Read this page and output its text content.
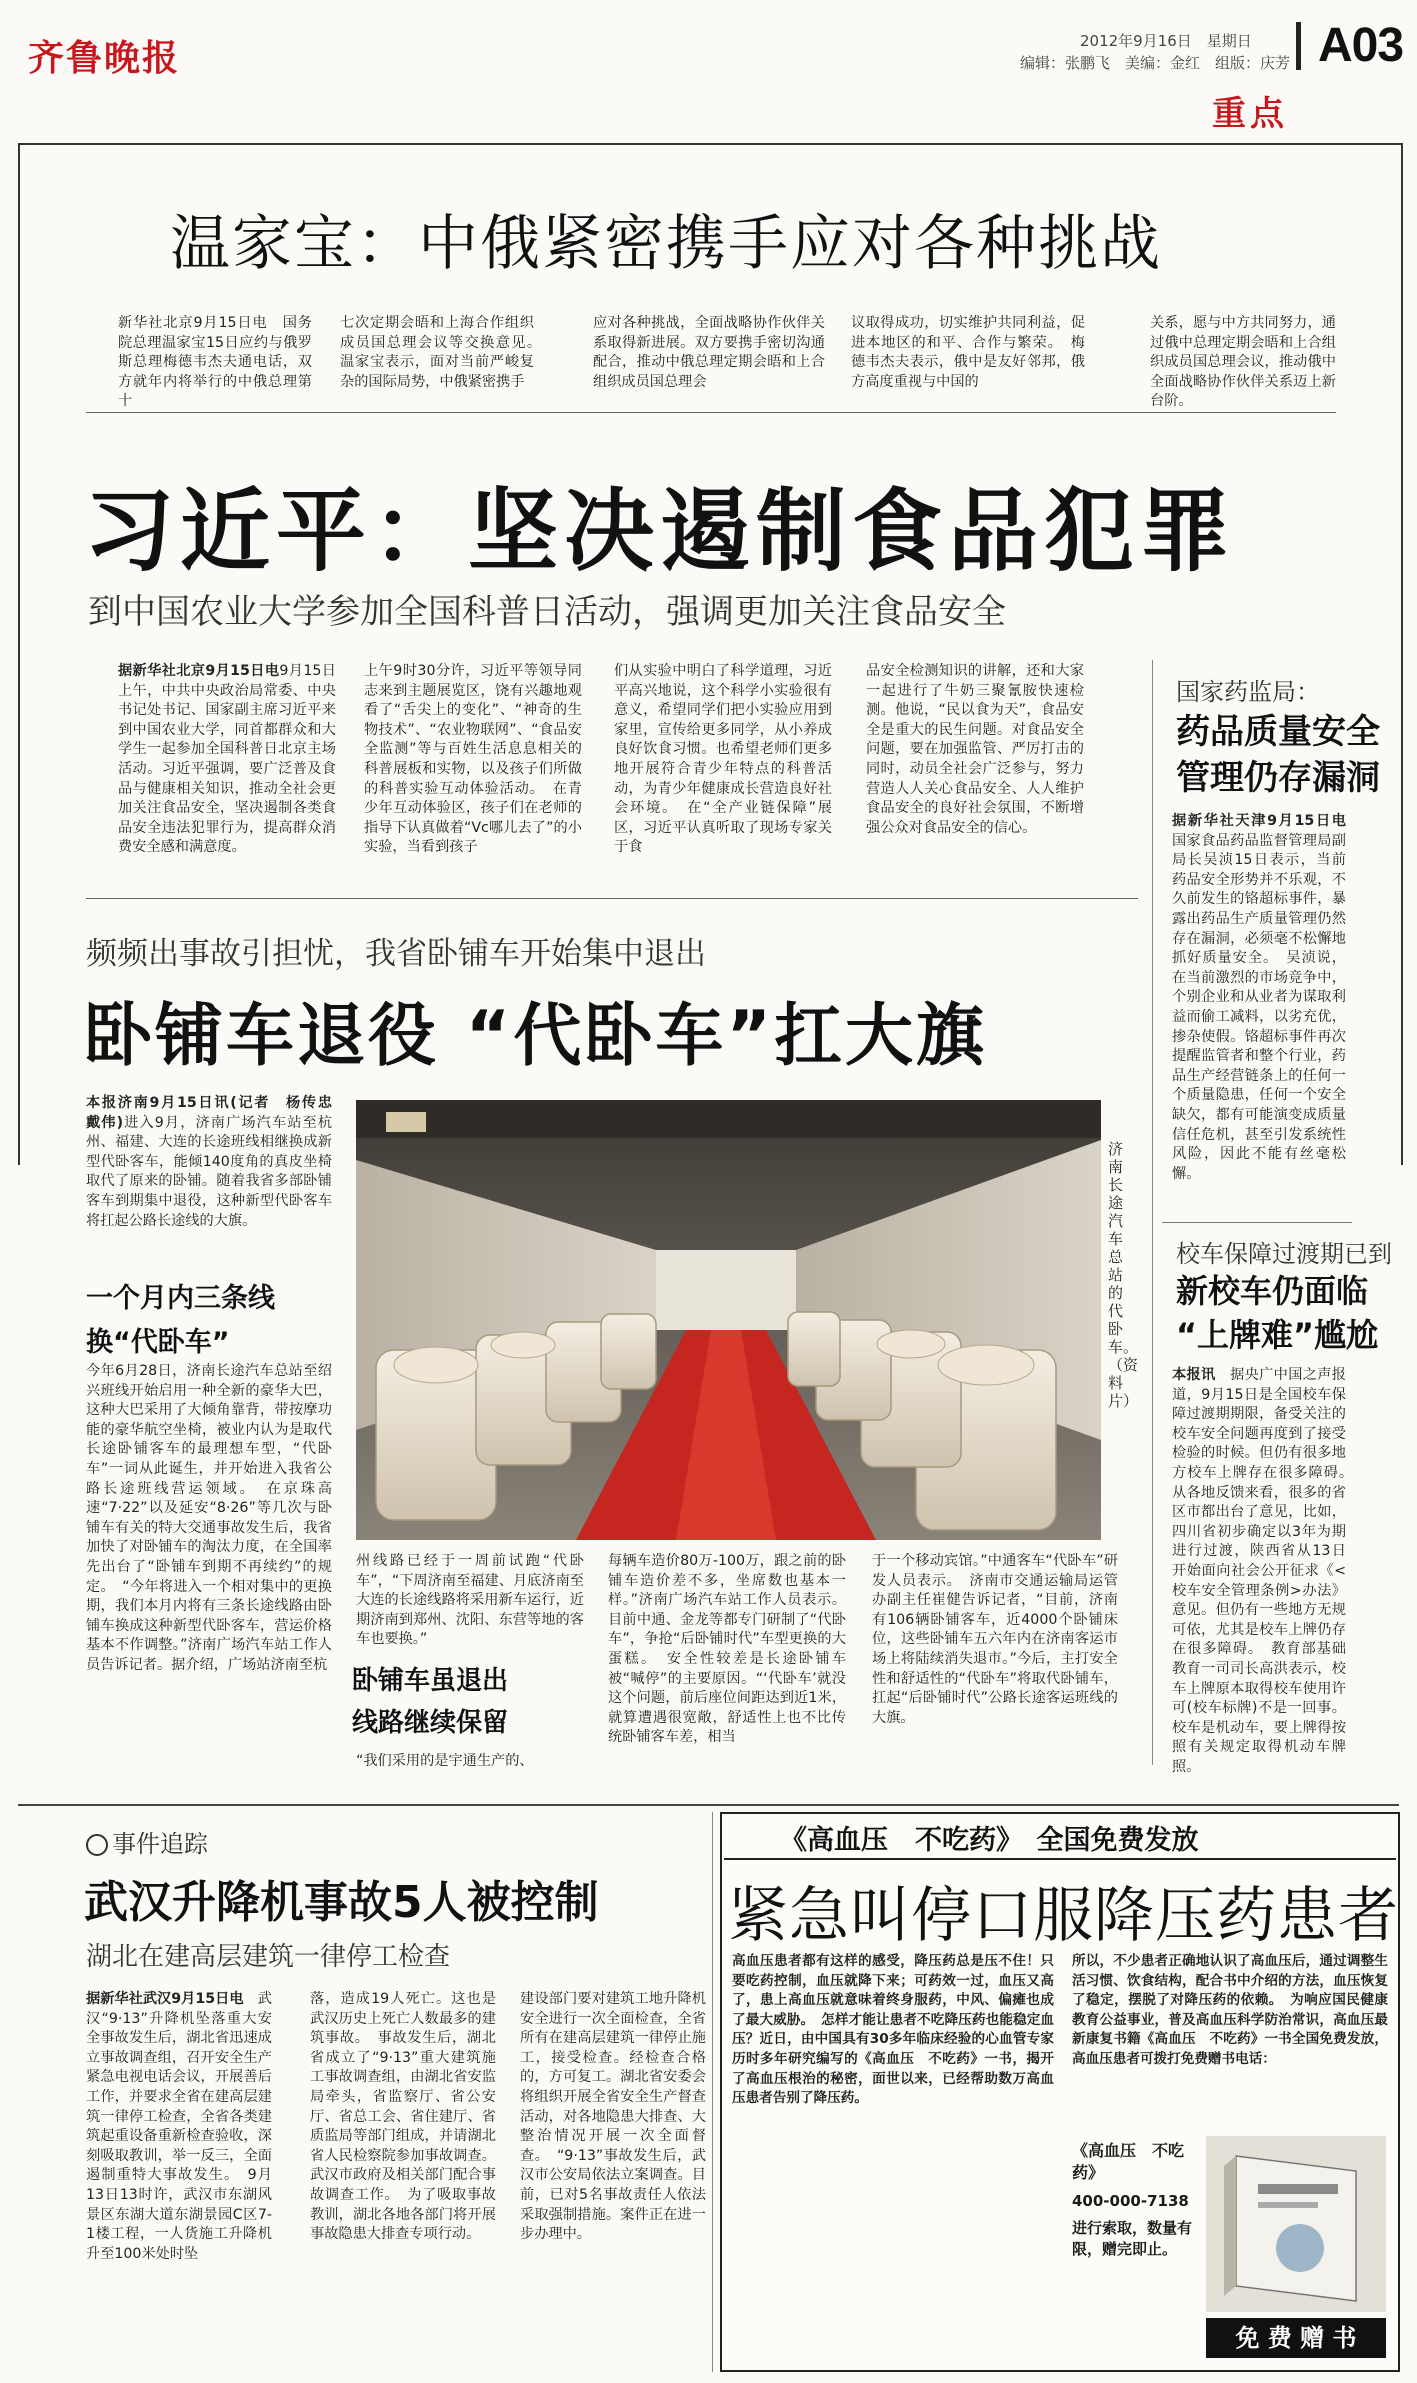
齐鲁晚报	2012年9月16日　星期日
编辑：张鹏飞　美编：金红　组版：庆芳 A03
重点
温家宝：中俄紧密携手应对各种挑战
新华社北京9月15日电　国务院总理温家宝15日应约与俄罗斯总理梅德韦杰夫通电话，双方就年内将举行的中俄总理第十
七次定期会晤和上海合作组织成员国总理会议等交换意见。　温家宝表示，面对当前严峻复杂的国际局势，中俄紧密携手
应对各种挑战，全面战略协作伙伴关系取得新进展。双方要携手密切沟通配合，推动中俄总理定期会晤和上合组织成员国总理会
议取得成功，切实维护共同利益，促进本地区的和平、合作与繁荣。　梅德韦杰夫表示，俄中是友好邻邦，俄方高度重视与中国的
关系，愿与中方共同努力，通过俄中总理定期会晤和上合组织成员国总理会议，推动俄中全面战略协作伙伴关系迈上新台阶。
习近平：坚决遏制食品犯罪
到中国农业大学参加全国科普日活动，强调更加关注食品安全
据新华社北京9月15日电9月15日上午，中共中央政治局常委、中央书记处书记、国家副主席习近平来到中国农业大学，同首都群众和大学生一起参加全国科普日北京主场活动。习近平强调，要广泛普及食品与健康相关知识，推动全社会更加关注食品安全，坚决遏制各类食品安全违法犯罪行为，提高群众消费安全感和满意度。
上午9时30分许，习近平等领导同志来到主题展览区，饶有兴趣地观看了“舌尖上的变化”、“神奇的生物技术”、“农业物联网”、“食品安全监测”等与百姓生活息息相关的科普展板和实物，以及孩子们所做的科普实验互动体验活动。　在青少年互动体验区，孩子们在老师的指导下认真做着“Vc哪儿去了”的小实验，当看到孩子
们从实验中明白了科学道理，习近平高兴地说，这个科学小实验很有意义，希望同学们把小实验应用到家里，宣传给更多同学，从小养成良好饮食习惯。也希望老师们更多地开展符合青少年特点的科普活动，为青少年健康成长营造良好社会环境。　在“全产业链保障”展区，习近平认真听取了现场专家关于食
品安全检测知识的讲解，还和大家一起进行了牛奶三聚氰胺快速检测。他说，“民以食为天”，食品安全是重大的民生问题。对食品安全问题，要在加强监管、严厉打击的同时，动员全社会广泛参与，努力营造人人关心食品安全、人人维护食品安全的良好社会氛围，不断增强公众对食品安全的信心。
国家药监局：
药品质量安全
管理仍存漏洞
据新华社天津9月15日电　国家食品药品监督管理局副局长吴浈15日表示，当前药品安全形势并不乐观，不久前发生的铬超标事件，暴露出药品生产质量管理仍然存在漏洞，必须毫不松懈地抓好质量安全。　吴浈说，在当前激烈的市场竞争中，个别企业和从业者为谋取利益而偷工减料，以劣充优，掺杂使假。铬超标事件再次提醒监管者和整个行业，药品生产经营链条上的任何一个质量隐患，任何一个安全缺欠，都有可能演变成质量信任危机，甚至引发系统性风险，因此不能有丝毫松懈。
校车保障过渡期已到
新校车仍面临
“上牌难”尴尬
本报讯　 据央广中国之声报道，9月15日是全国校车保障过渡期期限，备受关注的校车安全问题再度到了接受检验的时候。但仍有很多地方校车上牌存在很多障碍。　从各地反馈来看，很多的省区市都出台了意见，比如，四川省初步确定以3年为期进行过渡，陕西省从13日开始面向社会公开征求《<校车安全管理条例>办法》意见。但仍有一些地方无规可依，尤其是校车上牌仍存在很多障碍。　教育部基础教育一司司长高洪表示，校车上牌原本取得校车使用许可(校车标牌)不是一回事。校车是机动车，要上牌得按照有关规定取得机动车牌照。
频频出事故引担忧，我省卧铺车开始集中退出
卧铺车退役 “代卧车”扛大旗
本报济南9月15日讯(记者　杨传忠　戴伟)进入9月，济南广场汽车站至杭州、福建、大连的长途班线相继换成新型代卧客车，能倾140度角的真皮坐椅取代了原来的卧铺。随着我省多部卧铺客车到期集中退役，这种新型代卧客车将扛起公路长途线的大旗。
一个月内三条线
换“代卧车”
今年6月28日，济南长途汽车总站至绍兴班线开始启用一种全新的豪华大巴，这种大巴采用了大倾角靠背，带按摩功能的豪华航空坐椅，被业内认为是取代长途卧铺客车的最理想车型，“代卧车”一词从此诞生，并开始进入我省公路长途班线营运领域。　在京珠高速“7·22”以及延安“8·26”等几次与卧铺车有关的特大交通事故发生后，我省加快了对卧铺车的淘汰力度，在全国率先出台了“卧铺车到期不再续约”的规定。　“今年将进入一个相对集中的更换期，我们本月内将有三条长途线路由卧铺车换成这种新型代卧客车，营运价格基本不作调整。”济南广场汽车站工作人员告诉记者。据介绍，广场站济南至杭
济南长途汽车总站的代卧车。（资料片）
州线路已经于一周前试跑“代卧车”，“下周济南至福建、月底济南至大连的长途线路将采用新车运行，近期济南到郑州、沈阳、东营等地的客车也要换。”
卧铺车虽退出
线路继续保留
“我们采用的是宇通生产的、
每辆车造价80万-100万，跟之前的卧铺车造价差不多，坐席数也基本一样。”济南广场汽车站工作人员表示。目前中通、金龙等都专门研制了“代卧车”，争抢“后卧铺时代”车型更换的大蛋糕。　安全性较差是长途卧铺车被“喊停”的主要原因。“‘代卧车’就没这个问题，前后座位间距达到近1米，就算遭遇很宽敞，舒适性上也不比传统卧铺客车差，相当
于一个移动宾馆。”中通客车“代卧车”研发人员表示。　济南市交通运输局运管办副主任崔健告诉记者，“目前，济南有106辆卧铺客车，近4000个卧铺床位，这些卧铺车五六年内在济南客运市场上将陆续消失退市。”今后，主打安全性和舒适性的“代卧车”将取代卧铺车，扛起“后卧铺时代”公路长途客运班线的大旗。
事件追踪
武汉升降机事故5人被控制
湖北在建高层建筑一律停工检查
据新华社武汉9月15日电　 武汉“9·13”升降机坠落重大安全事故发生后，湖北省迅速成立事故调查组，召开安全生产紧急电视电话会议，开展善后工作，并要求全省在建高层建筑一律停工检查，全省各类建筑起重设备重新检查验收，深刻吸取教训，举一反三，全面遏制重特大事故发生。　9月13日13时许，武汉市东湖风景区东湖大道东湖景园C区7-1楼工程，一人货施工升降机升至100米处时坠
落，造成19人死亡。这也是武汉历史上死亡人数最多的建筑事故。　事故发生后，湖北省成立了“9·13”重大建筑施工事故调查组，由湖北省安监局牵头，省监察厅、省公安厅、省总工会、省住建厅、省质监局等部门组成，并请湖北省人民检察院参加事故调查。武汉市政府及相关部门配合事故调查工作。　为了吸取事故教训，湖北各地各部门将开展事故隐患大排查专项行动。
建设部门要对建筑工地升降机安全进行一次全面检查，全省所有在建高层建筑一律停止施工，接受检查。经检查合格的，方可复工。湖北省安委会将组织开展全省安全生产督查活动，对各地隐患大排查、大整治情况开展一次全面督查。　“9·13”事故发生后，武汉市公安局依法立案调查。目前，已对5名事故责任人依法采取强制措施。案件正在进一步办理中。
《高血压　不吃药》　全国免费发放
紧急叫停口服降压药患者
高血压患者都有这样的感受，降压药总是压不住！只要吃药控制，血压就降下来；可药效一过，血压又高了，患上高血压就意味着终身服药，中风、偏瘫也成了最大威胁。　怎样才能让患者不吃降压药也能稳定血压？近日，由中国具有30多年临床经验的心血管专家历时多年研究编写的《高血压　不吃药》一书，揭开了高血压根治的秘密，面世以来，已经帮助数万高血压患者告别了降压药。
所以，不少患者正确地认识了高血压后，通过调整生活习惯、饮食结构，配合书中介绍的方法，血压恢复了稳定，摆脱了对降压药的依赖。　为响应国民健康教育公益事业，普及高血压科学防治常识，高血压最新康复书籍《高血压　不吃药》一书全国免费发放，高血压患者可拨打免费赠书电话：
《高血压　不吃药》
400-000-7138
进行索取，数量有限，赠完即止。
免 费 赠 书
